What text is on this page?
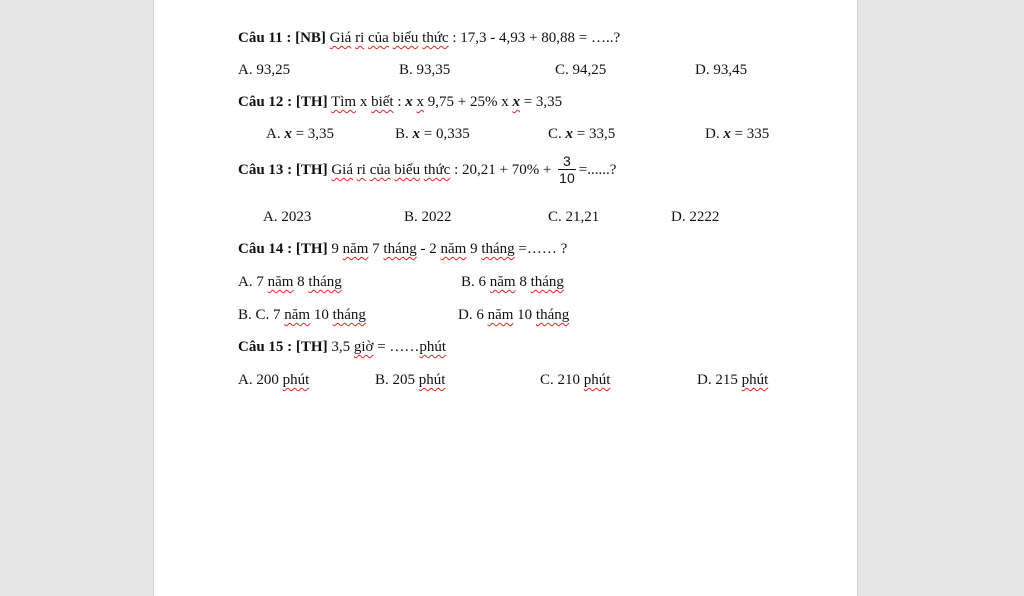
Câu 11 : [NB] Giá ri của biểu thức : 17,3 - 4,93 + 80,88 = …..?
A. 93,25	B. 93,35	C. 94,25	D. 93,45
Câu 12 : [TH] Tìm x biết : x x 9,75 + 25% x x = 3,35
A. x = 3,35	B. x = 0,335	C. x = 33,5	D. x = 335
Câu 13 : [TH] Giá ri của biểu thức : $20,21 + 70\% + \frac{3}{10}$ =......?
A. 2023	B. 2022	C. 21,21	D. 2222
Câu 14 : [TH] 9 năm 7 tháng - 2 năm 9 tháng =…… ?
A. 7 năm 8 tháng	B. 6 năm 8 tháng
B. C. 7 năm 10 tháng	D. 6 năm 10 tháng
Câu 15 : [TH] 3,5 giờ = ……phút
A. 200 phút	B. 205 phút	C. 210 phút	D. 215 phút
